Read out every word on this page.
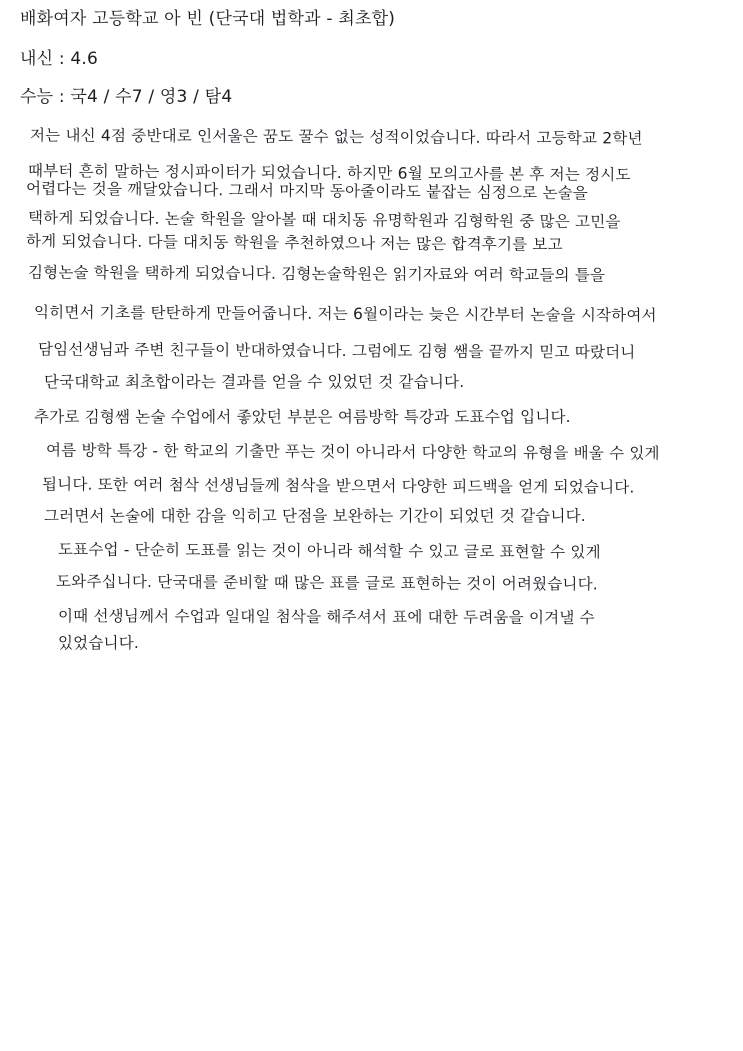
배화여자 고등학교 아 빈 (단국대 법학과 - 최초합)
내신 : 4.6
수능 : 국4 / 수7 / 영3 / 탐4
저는 내신 4점 중반대로 인서울은 꿈도 꿀수 없는 성적이었습니다. 따라서 고등학교 2학년
때부터 흔히 말하는 정시파이터가 되었습니다. 하지만 6월 모의고사를 본 후 저는 정시도
어렵다는 것을 깨달았습니다. 그래서 마지막 동아줄이라도 붙잡는 심정으로 논술을
택하게 되었습니다. 논술 학원을 알아볼 때 대치동 유명학원과 김형학원 중 많은 고민을
하게 되었습니다. 다들 대치동 학원을 추천하였으나 저는 많은 합격후기를 보고
김형논술 학원을 택하게 되었습니다. 김형논술학원은 읽기자료와 여러 학교들의 틀을
익히면서 기초를 탄탄하게 만들어줍니다. 저는 6월이라는 늦은 시간부터 논술을 시작하여서
담임선생님과 주변 친구들이 반대하였습니다. 그럼에도 김형 쌤을 끝까지 믿고 따랐더니
단국대학교 최초합이라는 결과를 얻을 수 있었던 것 같습니다.
추가로 김형쌤 논술 수업에서 좋았던 부분은 여름방학 특강과 도표수업 입니다.
여름 방학 특강 - 한 학교의 기출만 푸는 것이 아니라서 다양한 학교의 유형을 배울 수 있게
됩니다. 또한 여러 첨삭 선생님들께 첨삭을 받으면서 다양한 피드백을 얻게 되었습니다.
그러면서 논술에 대한 감을 익히고 단점을 보완하는 기간이 되었던 것 같습니다.
도표수업 - 단순히 도표를 읽는 것이 아니라 해석할 수 있고 글로 표현할 수 있게
도와주십니다. 단국대를 준비할 때 많은 표를 글로 표현하는 것이 어려웠습니다.
이때 선생님께서 수업과 일대일 첨삭을 해주셔서 표에 대한 두려움을 이겨낼 수
있었습니다.
